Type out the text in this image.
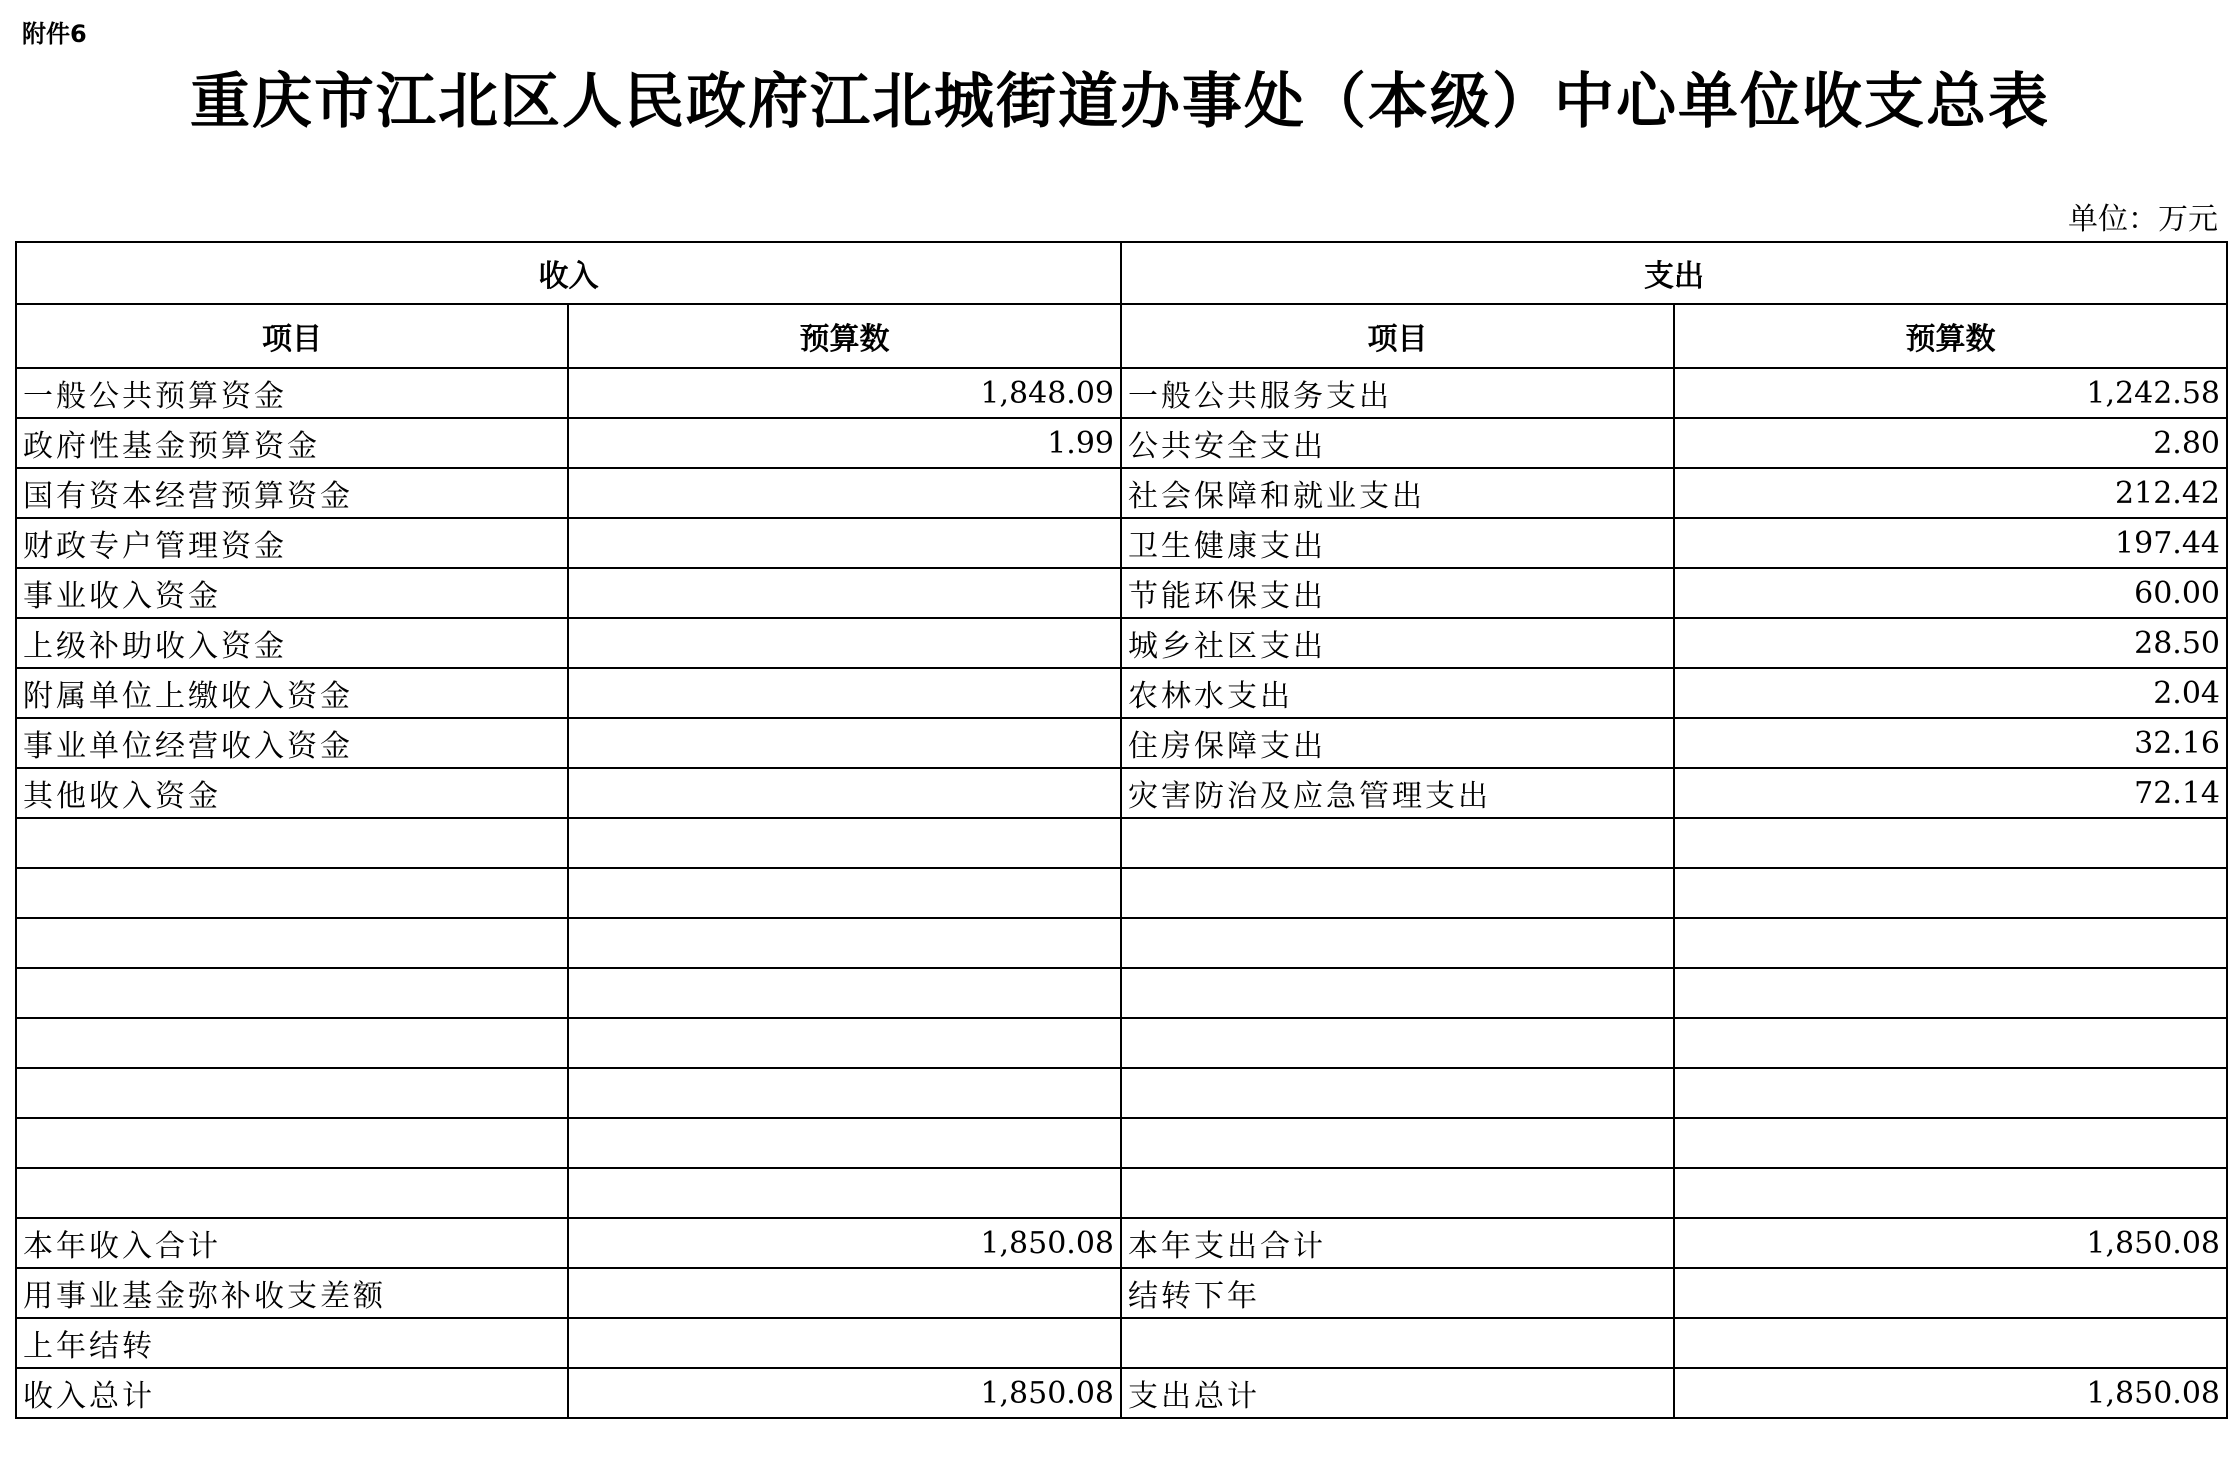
附件6
重庆市江北区人民政府江北城街道办事处（本级）中心单位收支总表
单位：万元
收入		支出	
项目	预算数	项目	预算数
一般公共预算资金	1,848.09	一般公共服务支出	1,242.58
政府性基金预算资金	1.99	公共安全支出	2.80
国有资本经营预算资金		社会保障和就业支出	212.42
财政专户管理资金		卫生健康支出	197.44
事业收入资金		节能环保支出	60.00
上级补助收入资金		城乡社区支出	28.50
附属单位上缴收入资金		农林水支出	2.04
事业单位经营收入资金		住房保障支出	32.16
其他收入资金		灾害防治及应急管理支出	72.14

本年收入合计	1,850.08	本年支出合计	1,850.08
用事业基金弥补收支差额		结转下年	
上年结转			
收入总计	1,850.08	支出总计	1,850.08
